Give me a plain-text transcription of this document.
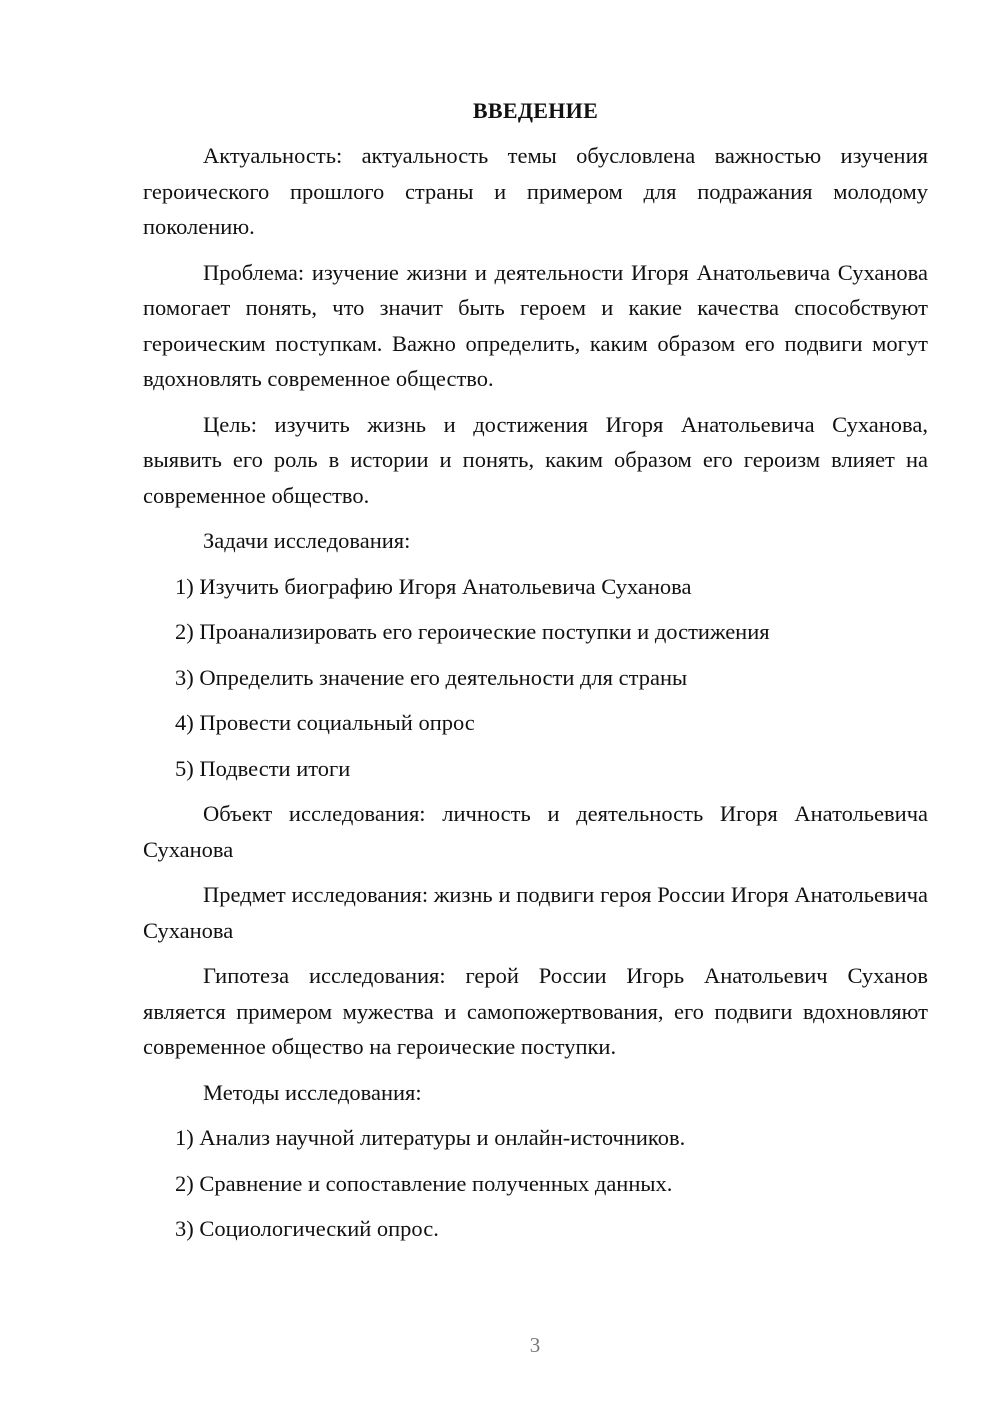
ВВЕДЕНИЕ

Актуальность: актуальность темы обусловлена важностью изучения героического прошлого страны и примером для подражания молодому поколению.

Проблема: изучение жизни и деятельности Игоря Анатольевича Суханова помогает понять, что значит быть героем и какие качества способствуют героическим поступкам. Важно определить, каким образом его подвиги могут вдохновлять современное общество.

Цель: изучить жизнь и достижения Игоря Анатольевича Суханова, выявить его роль в истории и понять, каким образом его героизм влияет на современное общество.

Задачи исследования:

1) Изучить биографию Игоря Анатольевича Суханова
2) Проанализировать его героические поступки и достижения
3) Определить значение его деятельности для страны
4) Провести социальный опрос
5) Подвести итоги

Объект исследования: личность и деятельность Игоря Анатольевича Суханова

Предмет исследования: жизнь и подвиги героя России Игоря Анатольевича Суханова

Гипотеза исследования: герой России Игорь Анатольевич Суханов является примером мужества и самопожертвования, его подвиги вдохновляют современное общество на героические поступки.

Методы исследования:

1) Анализ научной литературы и онлайн-источников.
2) Сравнение и сопоставление полученных данных.
3) Социологический опрос.
3
